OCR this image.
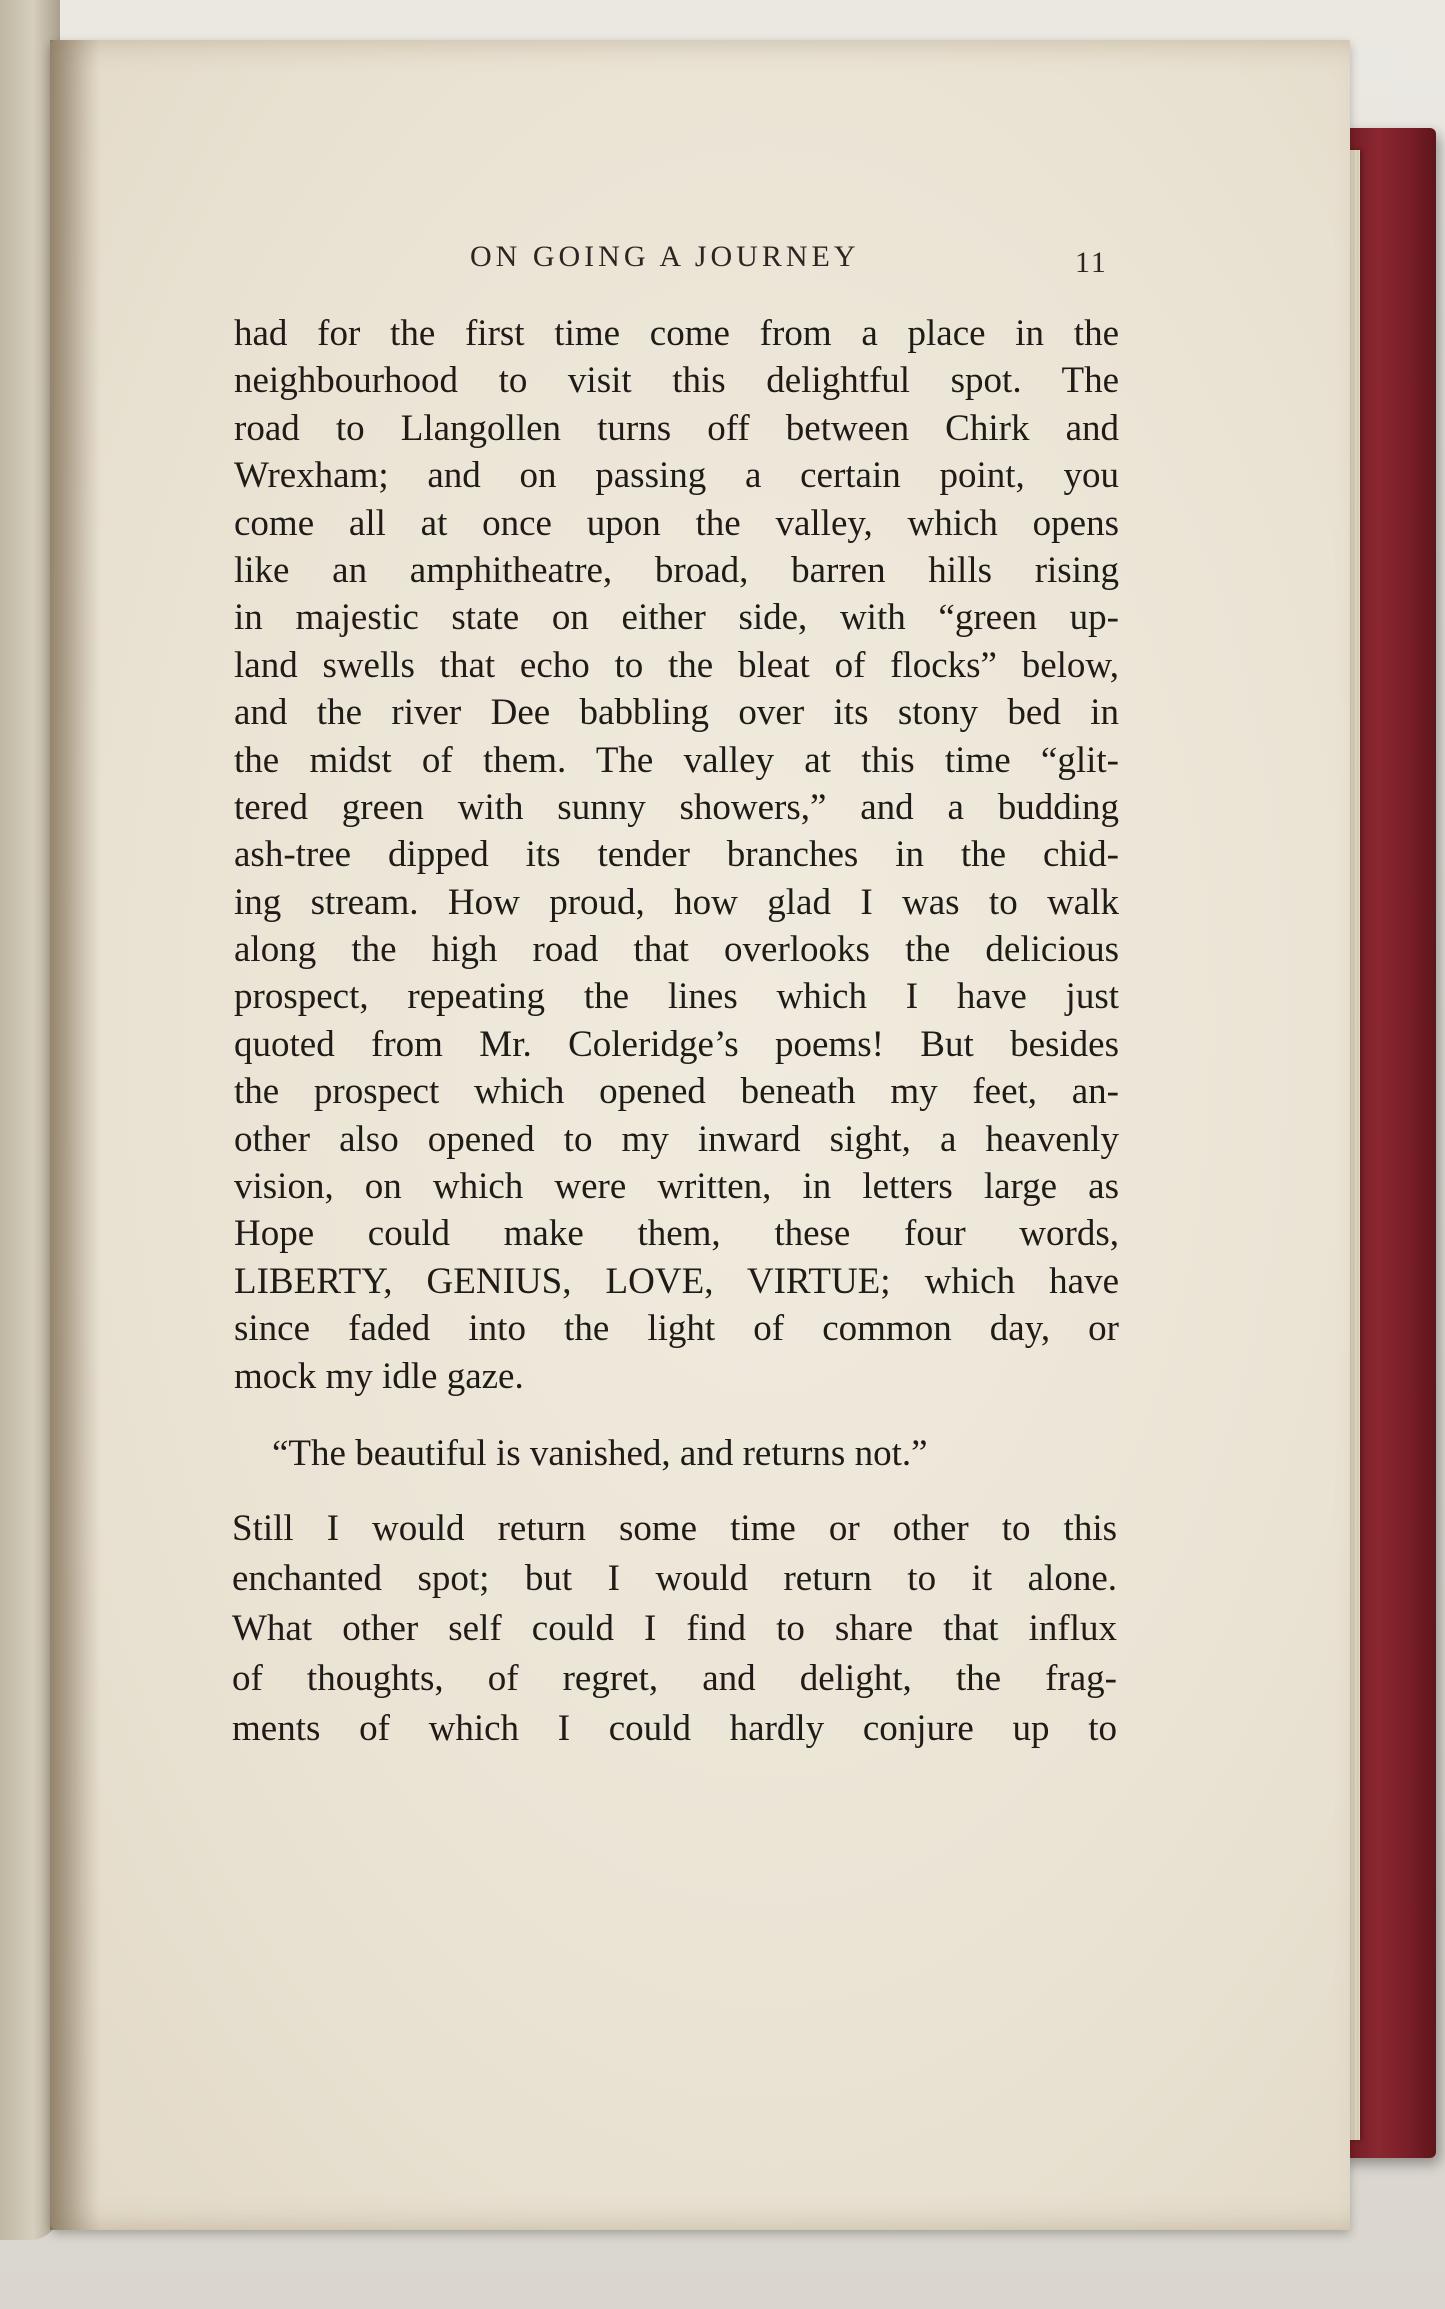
ON GOING A JOURNEY	11
had for the first time come from a place in the
neighbourhood to visit this delightful spot. The
road to Llangollen turns off between Chirk and
Wrexham; and on passing a certain point, you
come all at once upon the valley, which opens
like an amphitheatre, broad, barren hills rising
in majestic state on either side, with “green up-
land swells that echo to the bleat of flocks” below,
and the river Dee babbling over its stony bed in
the midst of them. The valley at this time “glit-
tered green with sunny showers,” and a budding
ash-tree dipped its tender branches in the chid-
ing stream. How proud, how glad I was to walk
along the high road that overlooks the delicious
prospect, repeating the lines which I have just
quoted from Mr. Coleridge’s poems! But besides
the prospect which opened beneath my feet, an-
other also opened to my inward sight, a heavenly
vision, on which were written, in letters large as
Hope could make them, these four words,
LIBERTY, GENIUS, LOVE, VIRTUE; which have
since faded into the light of common day, or
mock my idle gaze.
“The beautiful is vanished, and returns not.”
Still I would return some time or other to this
enchanted spot; but I would return to it alone.
What other self could I find to share that influx
of thoughts, of regret, and delight, the frag-
ments of which I could hardly conjure up to
